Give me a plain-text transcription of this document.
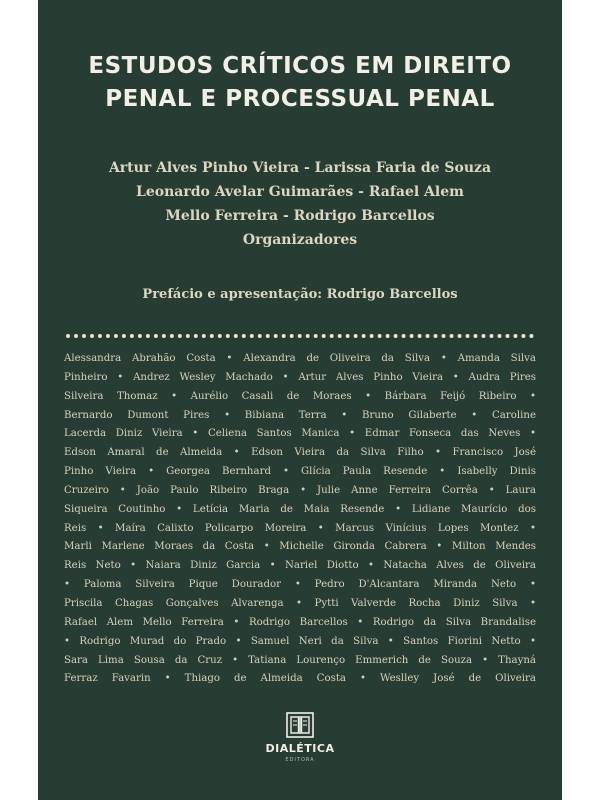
ESTUDOS CRÍTICOS EM DIREITO
PENAL E PROCESSUAL PENAL
Artur Alves Pinho Vieira - Larissa Faria de Souza
Leonardo Avelar Guimarães - Rafael Alem
Mello Ferreira - Rodrigo Barcellos
Organizadores
Prefácio e apresentação: Rodrigo Barcellos
Alessandra Abrahão Costa • Alexandra de Oliveira da Silva • Amanda Silva
Pinheiro • Andrez Wesley Machado • Artur Alves Pinho Vieira • Audra Pires
Silveira Thomaz • Aurélio Casali de Moraes • Bárbara Feijó Ribeiro •
Bernardo Dumont Pires • Bibiana Terra • Bruno Gilaberte • Caroline
Lacerda Diniz Vieira • Celiena Santos Manica • Edmar Fonseca das Neves •
Edson Amaral de Almeida • Edson Vieira da Silva Filho • Francisco José
Pinho Vieira • Georgea Bernhard • Glícia Paula Resende • Isabelly Dinis
Cruzeiro • João Paulo Ribeiro Braga • Julie Anne Ferreira Corrêa • Laura
Siqueira Coutinho • Letícia Maria de Maia Resende • Lidiane Maurício dos
Reis • Maíra Calixto Policarpo Moreira • Marcus Vinícius Lopes Montez •
Marli Marlene Moraes da Costa • Michelle Gironda Cabrera • Milton Mendes
Reis Neto • Naiara Diniz Garcia • Nariel Diotto • Natacha Alves de Oliveira
• Paloma Silveira Pique Dourador • Pedro D'Alcantara Miranda Neto •
Priscila Chagas Gonçalves Alvarenga • Pytti Valverde Rocha Diniz Silva •
Rafael Alem Mello Ferreira • Rodrigo Barcellos • Rodrigo da Silva Brandalise
• Rodrigo Murad do Prado • Samuel Neri da Silva • Santos Fiorini Netto •
Sara Lima Sousa da Cruz • Tatiana Lourenço Emmerich de Souza • Thayná
Ferraz Favarin • Thiago de Almeida Costa • Weslley José de Oliveira
DIALÉTICA
EDITORA
